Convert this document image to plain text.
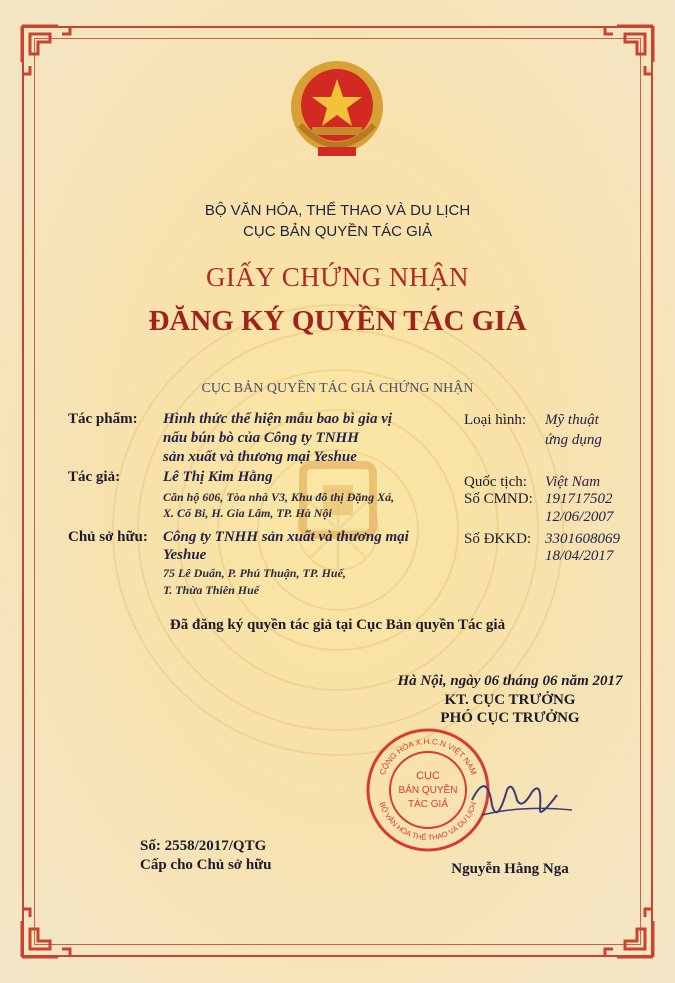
BỘ VĂN HÓA, THỂ THAO VÀ DU LỊCH
CỤC BẢN QUYỀN TÁC GIẢ
GIẤY CHỨNG NHẬN
ĐĂNG KÝ QUYỀN TÁC GIẢ
CỤC BẢN QUYỀN TÁC GIẢ CHỨNG NHẬN
Tác phẩm: Hình thức thể hiện mẫu bao bì gia vị
nấu bún bò của Công ty TNHH
sản xuất và thương mại Yeshue
Loại hình: Mỹ thuật
ứng dụng
Tác giả:	Lê Thị Kim Hằng
Căn hộ 606, Tòa nhà V3, Khu đô thị Đặng Xá,
X. Cổ Bi, H. Gia Lâm, TP. Hà Nội
Quốc tịch: Việt Nam
Số CMND: 191717502
12/06/2007
Chủ sở hữu: Công ty TNHH sản xuất và thương mại
Yeshue
75 Lê Duẩn, P. Phú Thuận, TP. Huế,
T. Thừa Thiên Huế
Số ĐKKD: 3301608069
18/04/2017
Đã đăng ký quyền tác giả tại Cục Bản quyền Tác giả
Hà Nội, ngày 06 tháng 06 năm 2017
KT. CỤC TRƯỞNG
PHÓ CỤC TRƯỞNG
CỘNG HÒA X.H.C.N VIỆT NAM
BỘ VĂN HÓA THỂ THAO VÀ DU LỊCH
CỤC
BẢN QUYỀN
TÁC GIẢ
Nguyễn Hằng Nga
Số: 2558/2017/QTG
Cấp cho Chủ sở hữu
